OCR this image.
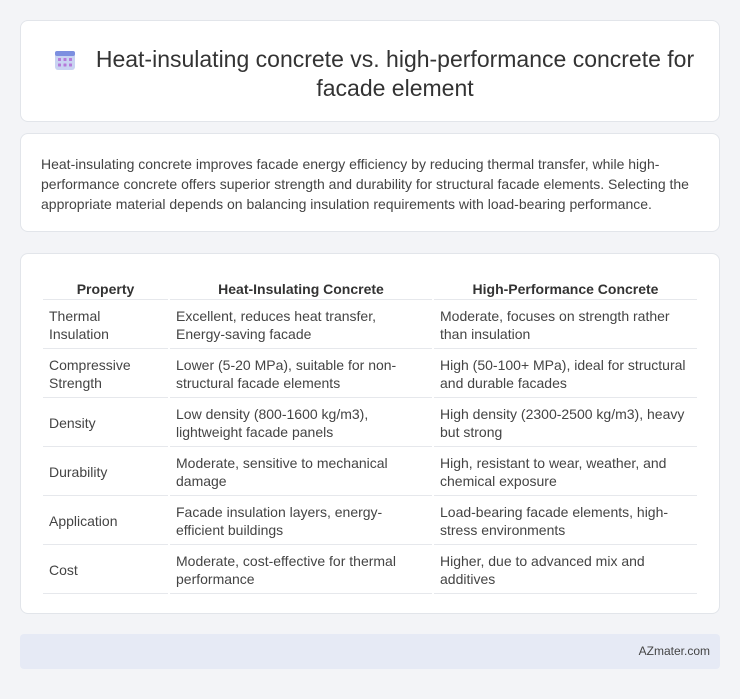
Heat-insulating concrete vs. high-performance concrete for facade element

Heat-insulating concrete improves facade energy efficiency by reducing thermal transfer, while high-performance concrete offers superior strength and durability for structural facade elements. Selecting the appropriate material depends on balancing insulation requirements with load-bearing performance.

Property	Heat-Insulating Concrete	High-Performance Concrete
Thermal Insulation	Excellent, reduces heat transfer, Energy-saving facade	Moderate, focuses on strength rather than insulation
Compressive Strength	Lower (5-20 MPa), suitable for non-structural facade elements	High (50-100+ MPa), ideal for structural and durable facades
Density	Low density (800-1600 kg/m3), lightweight facade panels	High density (2300-2500 kg/m3), heavy but strong
Durability	Moderate, sensitive to mechanical damage	High, resistant to wear, weather, and chemical exposure
Application	Facade insulation layers, energy-efficient buildings	Load-bearing facade elements, high-stress environments
Cost	Moderate, cost-effective for thermal performance	Higher, due to advanced mix and additives
AZmater.com
